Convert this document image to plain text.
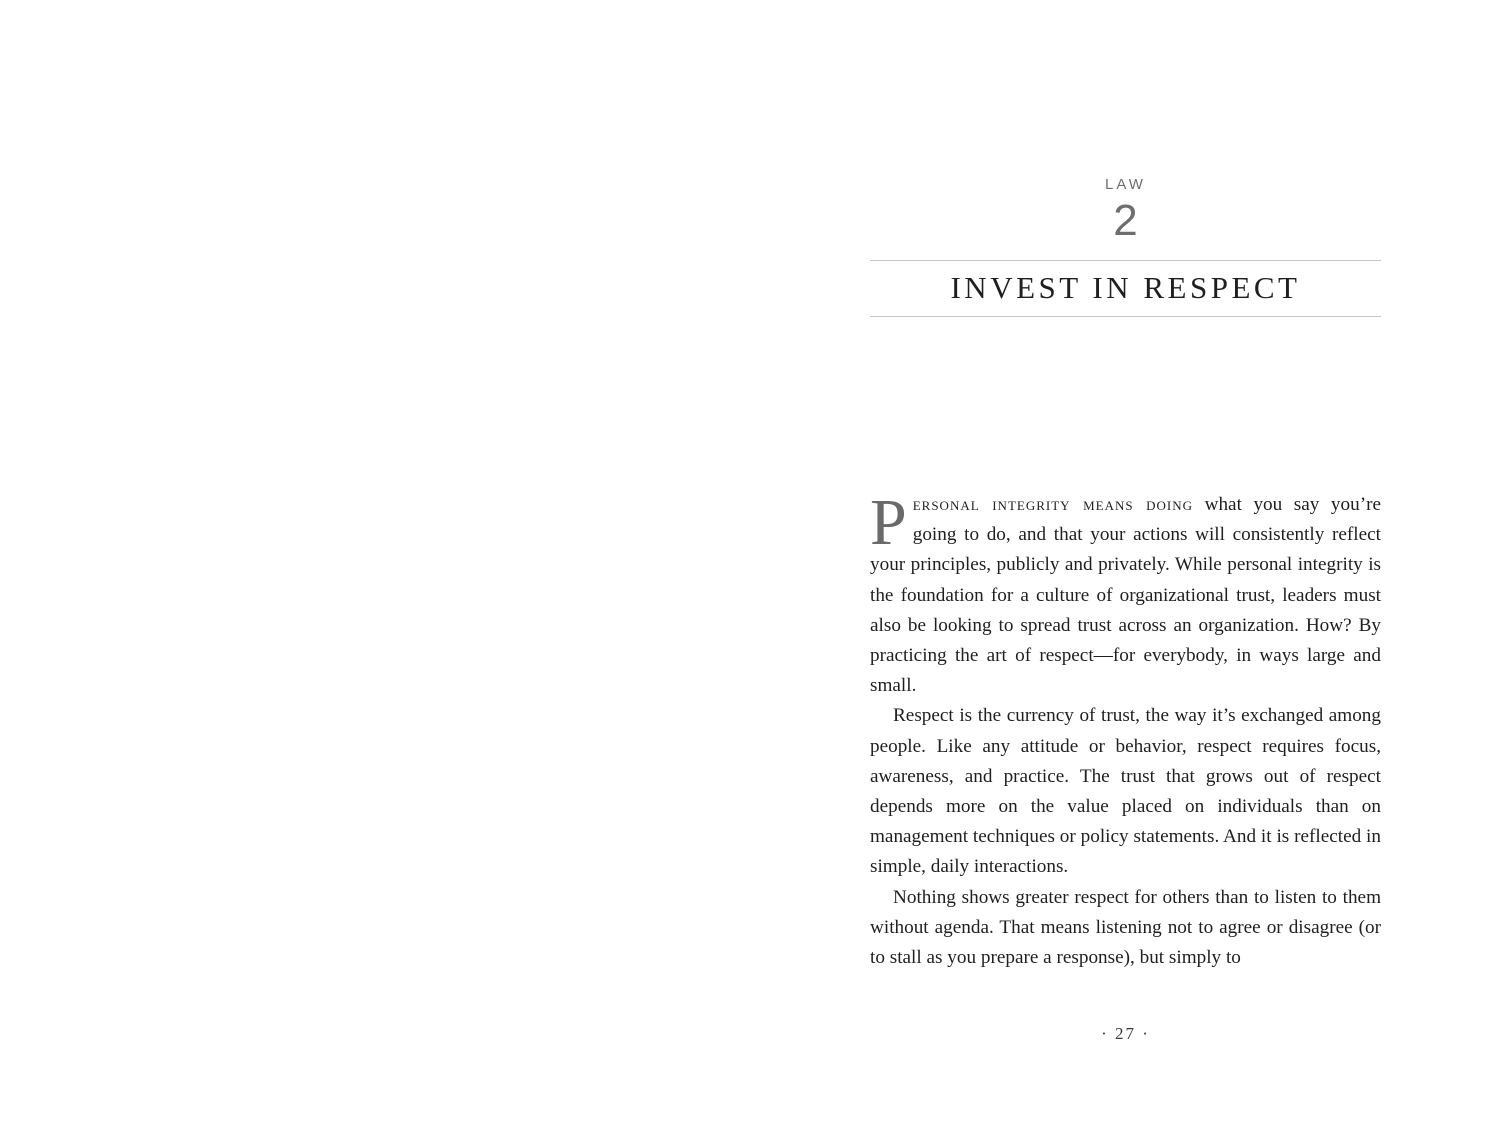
LAW
2
INVEST IN RESPECT

Personal integrity means doing what you say you’re going to do, and that your actions will consistently reflect your principles, publicly and privately. While personal integrity is the foundation for a culture of organizational trust, leaders must also be looking to spread trust across an organization. How? By practicing the art of respect—for everybody, in ways large and small.

Respect is the currency of trust, the way it’s exchanged among people. Like any attitude or behavior, respect requires focus, awareness, and practice. The trust that grows out of respect depends more on the value placed on individuals than on management techniques or policy statements. And it is reflected in simple, daily interactions.

Nothing shows greater respect for others than to listen to them without agenda. That means listening not to agree or disagree (or to stall as you prepare a response), but simply to

· 27 ·
